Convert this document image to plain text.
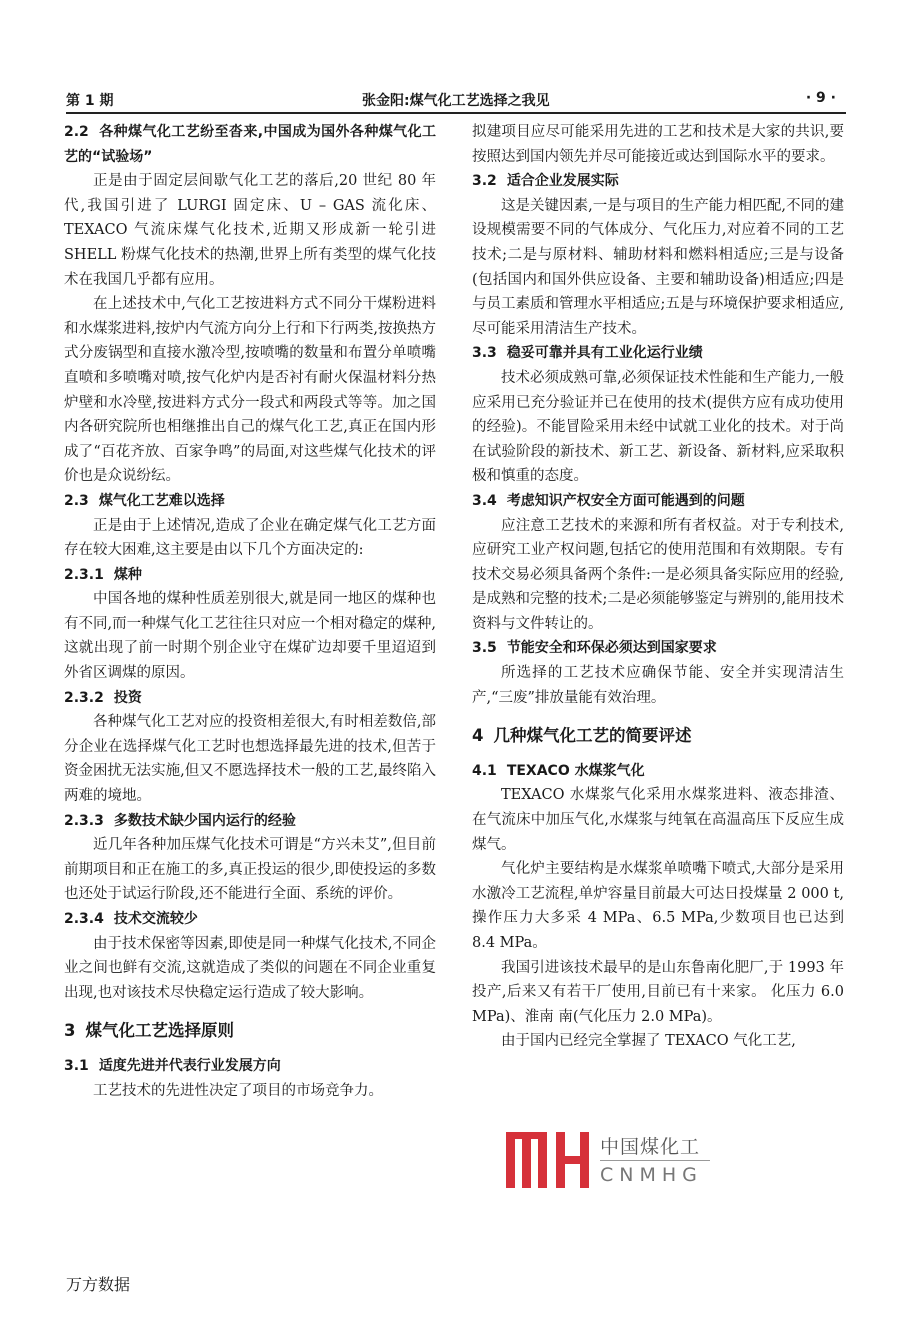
第 1 期	张金阳:煤气化工艺选择之我见	· 9 ·
2.2 各种煤气化工艺纷至沓来,中国成为国外各种煤气化工艺的“试验场”

正是由于固定层间歇气化工艺的落后,20 世纪 80 年代,我国引进了 LURGI 固定床、U – GAS 流化床、TEXACO 气流床煤气化技术,近期又形成新一轮引进 SHELL 粉煤气化技术的热潮,世界上所有类型的煤气化技术在我国几乎都有应用。

在上述技术中,气化工艺按进料方式不同分干煤粉进料和水煤浆进料,按炉内气流方向分上行和下行两类,按换热方式分废锅型和直接水激冷型,按喷嘴的数量和布置分单喷嘴直喷和多喷嘴对喷,按气化炉内是否衬有耐火保温材料分热炉壁和水冷壁,按进料方式分一段式和两段式等等。加之国内各研究院所也相继推出自己的煤气化工艺,真正在国内形成了“百花齐放、百家争鸣”的局面,对这些煤气化技术的评价也是众说纷纭。

2.3 煤气化工艺难以选择

正是由于上述情况,造成了企业在确定煤气化工艺方面存在较大困难,这主要是由以下几个方面决定的:

2.3.1 煤种

中国各地的煤种性质差别很大,就是同一地区的煤种也有不同,而一种煤气化工艺往往只对应一个相对稳定的煤种,这就出现了前一时期个别企业守在煤矿边却要千里迢迢到外省区调煤的原因。

2.3.2 投资

各种煤气化工艺对应的投资相差很大,有时相差数倍,部分企业在选择煤气化工艺时也想选择最先进的技术,但苦于资金困扰无法实施,但又不愿选择技术一般的工艺,最终陷入两难的境地。

2.3.3 多数技术缺少国内运行的经验

近几年各种加压煤气化技术可谓是“方兴未艾”,但目前前期项目和正在施工的多,真正投运的很少,即使投运的多数也还处于试运行阶段,还不能进行全面、系统的评价。

2.3.4 技术交流较少

由于技术保密等因素,即使是同一种煤气化技术,不同企业之间也鲜有交流,这就造成了类似的问题在不同企业重复出现,也对该技术尽快稳定运行造成了较大影响。

3 煤气化工艺选择原则
3.1 适度先进并代表行业发展方向

工艺技术的先进性决定了项目的市场竞争力。

拟建项目应尽可能采用先进的工艺和技术是大家的共识,要按照达到国内领先并尽可能接近或达到国际水平的要求。

3.2 适合企业发展实际

这是关键因素,一是与项目的生产能力相匹配,不同的建设规模需要不同的气体成分、气化压力,对应着不同的工艺技术;二是与原材料、辅助材料和燃料相适应;三是与设备(包括国内和国外供应设备、主要和辅助设备)相适应;四是与员工素质和管理水平相适应;五是与环境保护要求相适应,尽可能采用清洁生产技术。

3.3 稳妥可靠并具有工业化运行业绩

技术必须成熟可靠,必须保证技术性能和生产能力,一般应采用已充分验证并已在使用的技术(提供方应有成功使用的经验)。不能冒险采用未经中试就工业化的技术。对于尚在试验阶段的新技术、新工艺、新设备、新材料,应采取积极和慎重的态度。

3.4 考虑知识产权安全方面可能遇到的问题

应注意工艺技术的来源和所有者权益。对于专利技术,应研究工业产权问题,包括它的使用范围和有效期限。专有技术交易必须具备两个条件:一是必须具备实际应用的经验,是成熟和完整的技术;二是必须能够鉴定与辨别的,能用技术资料与文件转让的。

3.5 节能安全和环保必须达到国家要求

所选择的工艺技术应确保节能、安全并实现清洁生产,“三废”排放量能有效治理。

4 几种煤气化工艺的简要评述
4.1 TEXACO 水煤浆气化

TEXACO 水煤浆气化采用水煤浆进料、液态排渣、在气流床中加压气化,水煤浆与纯氧在高温高压下反应生成煤气。

气化炉主要结构是水煤浆单喷嘴下喷式,大部分是采用水激冷工艺流程,单炉容量目前最大可达日投煤量 2 000 t,操作压力大多采 4 MPa、6.5 MPa,少数项目也已达到 8.4 MPa。

我国引进该技术最早的是山东鲁南化肥厂,于 1993 年投产,后来又有若干厂使用,目前已有十来家。 化压力 6.0 MPa)、淮南 南(气化压力 2.0 MPa)。

由于国内已经完全掌握了 TEXACO 气化工艺,

中国煤化工
CNMHG
万方数据
